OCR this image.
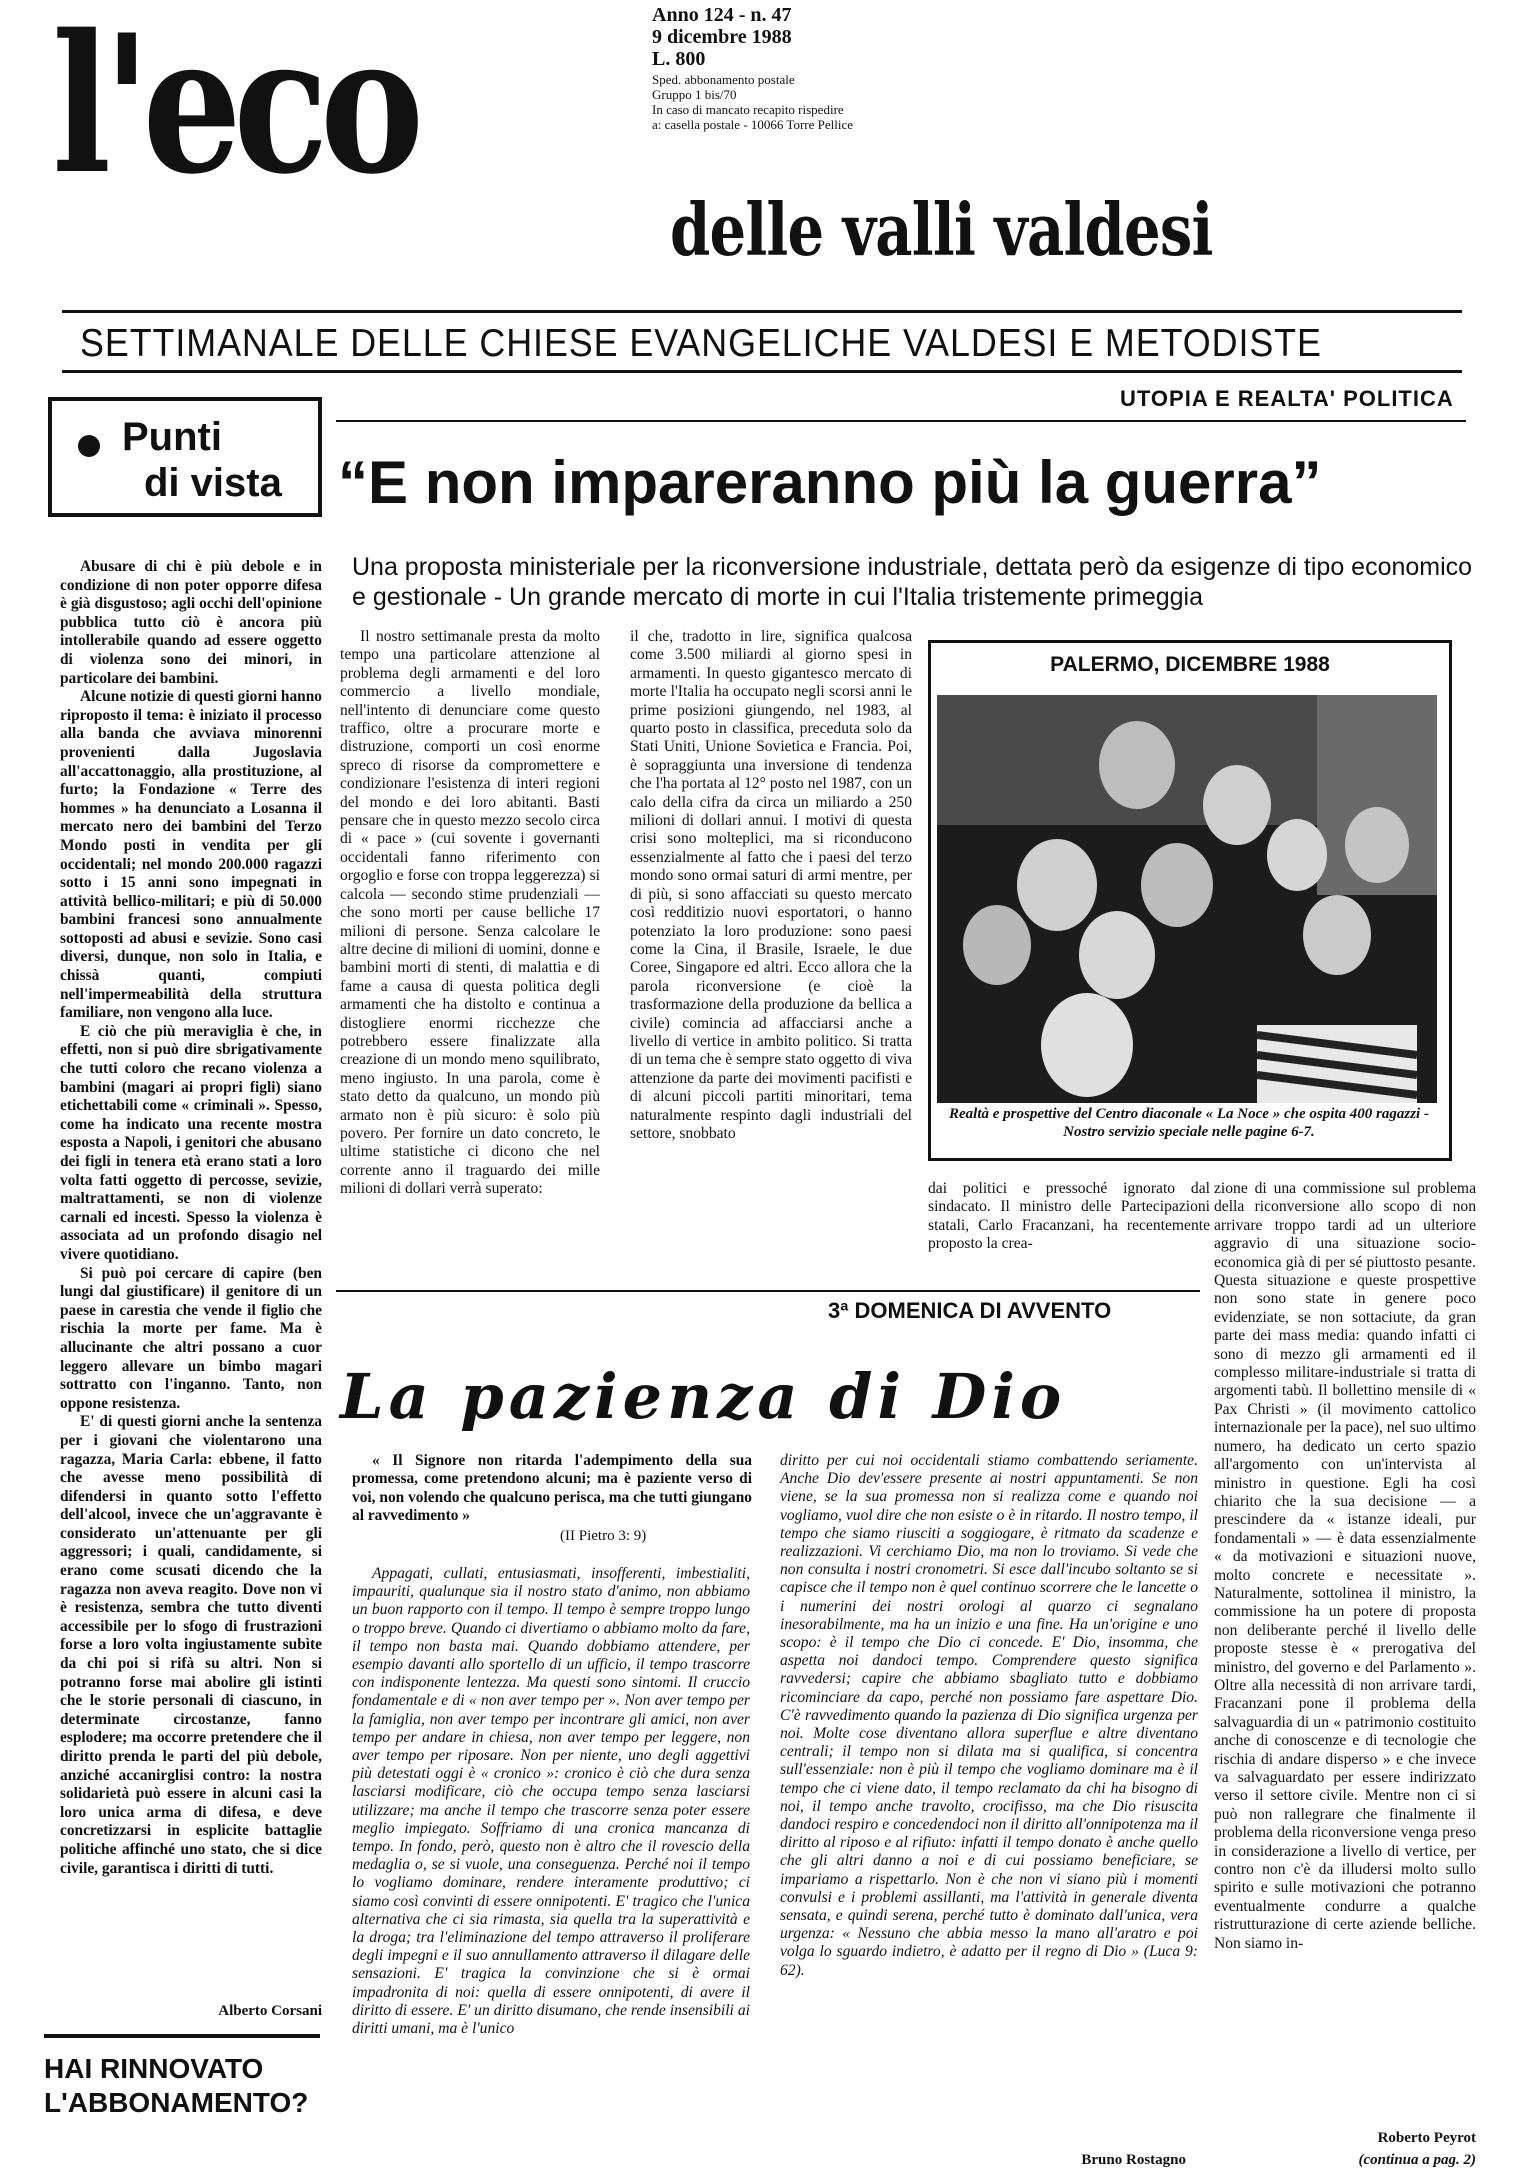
l'eco
delle valli valdesi
Anno 124 - n. 47
9 dicembre 1988
L. 800
Sped. abbonamento postale
Gruppo 1 bis/70
In caso di mancato recapito rispedire
a: casella postale - 10066 Torre Pellice
SETTIMANALE DELLE CHIESE EVANGELICHE VALDESI E METODISTE
Punti
di vista

Abusare di chi è più debole e in condizione di non poter opporre difesa è già disgustoso; agli occhi dell'opinione pubblica tutto ciò è ancora più intollerabile quando ad essere oggetto di violenza sono dei minori, in particolare dei bambini.

Alcune notizie di questi giorni hanno riproposto il tema: è iniziato il processo alla banda che avviava minorenni provenienti dalla Jugoslavia all'accattonaggio, alla prostituzione, al furto; la Fondazione « Terre des hommes » ha denunciato a Losanna il mercato nero dei bambini del Terzo Mondo posti in vendita per gli occidentali; nel mondo 200.000 ragazzi sotto i 15 anni sono impegnati in attività bellico-militari; e più di 50.000 bambini francesi sono annualmente sottoposti ad abusi e sevizie. Sono casi diversi, dunque, non solo in Italia, e chissà quanti, compiuti nell'impermeabilità della struttura familiare, non vengono alla luce.

E ciò che più meraviglia è che, in effetti, non si può dire sbrigativamente che tutti coloro che recano violenza a bambini (magari ai propri figli) siano etichettabili come « criminali ». Spesso, come ha indicato una recente mostra esposta a Napoli, i genitori che abusano dei figli in tenera età erano stati a loro volta fatti oggetto di percosse, sevizie, maltrattamenti, se non di violenze carnali ed incesti. Spesso la violenza è associata ad un profondo disagio nel vivere quotidiano.

Si può poi cercare di capire (ben lungi dal giustificare) il genitore di un paese in carestia che vende il figlio che rischia la morte per fame. Ma è allucinante che altri possano a cuor leggero allevare un bimbo magari sottratto con l'inganno. Tanto, non oppone resistenza.

E' di questi giorni anche la sentenza per i giovani che violentarono una ragazza, Maria Carla: ebbene, il fatto che avesse meno possibilità di difendersi in quanto sotto l'effetto dell'alcool, invece che un'aggravante è considerato un'attenuante per gli aggressori; i quali, candidamente, si erano come scusati dicendo che la ragazza non aveva reagito. Dove non vi è resistenza, sembra che tutto diventi accessibile per lo sfogo di frustrazioni forse a loro volta ingiustamente subìte da chi poi si rifà su altri. Non si potranno forse mai abolire gli istinti che le storie personali di ciascuno, in determinate circostanze, fanno esplodere; ma occorre pretendere che il diritto prenda le parti del più debole, anziché accanirglisi contro: la nostra solidarietà può essere in alcuni casi la loro unica arma di difesa, e deve concretizzarsi in esplicite battaglie politiche affinché uno stato, che si dice civile, garantisca i diritti di tutti.

Alberto Corsani
HAI RINNOVATO
L'ABBONAMENTO?
UTOPIA E REALTA' POLITICA
“E non impareranno più la guerra”
Una proposta ministeriale per la riconversione industriale, dettata però da esigenze di tipo economico e gestionale - Un grande mercato di morte in cui l'Italia tristemente primeggia

Il nostro settimanale presta da molto tempo una particolare attenzione al problema degli armamenti e del loro commercio a livello mondiale, nell'intento di denunciare come questo traffico, oltre a procurare morte e distruzione, comporti un così enorme spreco di risorse da compromettere e condizionare l'esistenza di interi regioni del mondo e dei loro abitanti. Basti pensare che in questo mezzo secolo circa di « pace » (cui sovente i governanti occidentali fanno riferimento con orgoglio e forse con troppa leggerezza) si calcola — secondo stime prudenziali — che sono morti per cause belliche 17 milioni di persone. Senza calcolare le altre decine di milioni di uomini, donne e bambini morti di stenti, di malattia e di fame a causa di questa politica degli armamenti che ha distolto e continua a distogliere enormi ricchezze che potrebbero essere finalizzate alla creazione di un mondo meno squilibrato, meno ingiusto. In una parola, come è stato detto da qualcuno, un mondo più armato non è più sicuro: è solo più povero. Per fornire un dato concreto, le ultime statistiche ci dicono che nel corrente anno il traguardo dei mille milioni di dollari verrà superato:

il che, tradotto in lire, significa qualcosa come 3.500 miliardi al giorno spesi in armamenti. In questo gigantesco mercato di morte l'Italia ha occupato negli scorsi anni le prime posizioni giungendo, nel 1983, al quarto posto in classifica, preceduta solo da Stati Uniti, Unione Sovietica e Francia. Poi, è sopraggiunta una inversione di tendenza che l'ha portata al 12° posto nel 1987, con un calo della cifra da circa un miliardo a 250 milioni di dollari annui. I motivi di questa crisi sono molteplici, ma si riconducono essenzialmente al fatto che i paesi del terzo mondo sono ormai saturi di armi mentre, per di più, si sono affacciati su questo mercato così redditizio nuovi esportatori, o hanno potenziato la loro produzione: sono paesi come la Cina, il Brasile, Israele, le due Coree, Singapore ed altri. Ecco allora che la parola riconversione (e cioè la trasformazione della produzione da bellica a civile) comincia ad affacciarsi anche a livello di vertice in ambito politico. Si tratta di un tema che è sempre stato oggetto di viva attenzione da parte dei movimenti pacifisti e di alcuni piccoli partiti minoritari, tema naturalmente respinto dagli industriali del settore, snobbato

PALERMO, DICEMBRE 1988
Realtà e prospettive del Centro diaconale « La Noce » che ospita 400 ragazzi - Nostro servizio speciale nelle pagine 6-7.

dai politici e pressoché ignorato dal sindacato. Il ministro delle Partecipazioni statali, Carlo Fracanzani, ha recentemente proposto la crea-

zione di una commissione sul problema della riconversione allo scopo di non arrivare troppo tardi ad un ulteriore aggravio di una situazione socio-economica già di per sé piuttosto pesante. Questa situazione e queste prospettive non sono state in genere poco evidenziate, se non sottaciute, da gran parte dei mass media: quando infatti ci sono di mezzo gli armamenti ed il complesso militare-industriale si tratta di argomenti tabù. Il bollettino mensile di « Pax Christi » (il movimento cattolico internazionale per la pace), nel suo ultimo numero, ha dedicato un certo spazio all'argomento con un'intervista al ministro in questione. Egli ha così chiarito che la sua decisione — a prescindere da « istanze ideali, pur fondamentali » — è data essenzialmente « da motivazioni e situazioni nuove, molto concrete e necessitate ». Naturalmente, sottolinea il ministro, la commissione ha un potere di proposta non deliberante perché il livello delle proposte stesse è « prerogativa del ministro, del governo e del Parlamento ». Oltre alla necessità di non arrivare tardi, Fracanzani pone il problema della salvaguardia di un « patrimonio costituito anche di conoscenze e di tecnologie che rischia di andare disperso » e che invece va salvaguardato per essere indirizzato verso il settore civile. Mentre non ci si può non rallegrare che finalmente il problema della riconversione venga preso in considerazione a livello di vertice, per contro non c'è da illudersi molto sullo spirito e sulle motivazioni che potranno eventualmente condurre a qualche ristrutturazione di certe aziende belliche. Non siamo in-

Roberto Peyrot
(continua a pag. 2)
3ª DOMENICA DI AVVENTO
La pazienza di Dio

« Il Signore non ritarda l'adempimento della sua promessa, come pretendono alcuni; ma è paziente verso di voi, non volendo che qualcuno perisca, ma che tutti giungano al ravvedimento »

(II Pietro 3: 9)

Appagati, cullati, entusiasmati, insofferenti, imbestialiti, impauriti, qualunque sia il nostro stato d'animo, non abbiamo un buon rapporto con il tempo. Il tempo è sempre troppo lungo o troppo breve. Quando ci divertiamo o abbiamo molto da fare, il tempo non basta mai. Quando dobbiamo attendere, per esempio davanti allo sportello di un ufficio, il tempo trascorre con indisponente lentezza. Ma questi sono sintomi. Il cruccio fondamentale e di « non aver tempo per ». Non aver tempo per la famiglia, non aver tempo per incontrare gli amici, non aver tempo per andare in chiesa, non aver tempo per leggere, non aver tempo per riposare. Non per niente, uno degli aggettivi più detestati oggi è « cronico »: cronico è ciò che dura senza lasciarsi modificare, ciò che occupa tempo senza lasciarsi utilizzare; ma anche il tempo che trascorre senza poter essere meglio impiegato. Soffriamo di una cronica mancanza di tempo. In fondo, però, questo non è altro che il rovescio della medaglia o, se si vuole, una conseguenza. Perché noi il tempo lo vogliamo dominare, rendere interamente produttivo; ci siamo così convinti di essere onnipotenti. E' tragico che l'unica alternativa che ci sia rimasta, sia quella tra la superattività e la droga; tra l'eliminazione del tempo attraverso il proliferare degli impegni e il suo annullamento attraverso il dilagare delle sensazioni. E' tragica la convinzione che si è ormai impadronita di noi: quella di essere onnipotenti, di avere il diritto di essere. E' un diritto disumano, che rende insensibili ai diritti umani, ma è l'unico

diritto per cui noi occidentali stiamo combattendo seriamente. Anche Dio dev'essere presente ai nostri appuntamenti. Se non viene, se la sua promessa non si realizza come e quando noi vogliamo, vuol dire che non esiste o è in ritardo. Il nostro tempo, il tempo che siamo riusciti a soggiogare, è ritmato da scadenze e realizzazioni. Vi cerchiamo Dio, ma non lo troviamo. Si vede che non consulta i nostri cronometri. Si esce dall'incubo soltanto se si capisce che il tempo non è quel continuo scorrere che le lancette o i numerini dei nostri orologi al quarzo ci segnalano inesorabilmente, ma ha un inizio e una fine. Ha un'origine e uno scopo: è il tempo che Dio ci concede. E' Dio, insomma, che aspetta noi dandoci tempo. Comprendere questo significa ravvedersi; capire che abbiamo sbagliato tutto e dobbiamo ricominciare da capo, perché non possiamo fare aspettare Dio. C'è ravvedimento quando la pazienza di Dio significa urgenza per noi. Molte cose diventano allora superflue e altre diventano centrali; il tempo non si dilata ma si qualifica, si concentra sull'essenziale: non è più il tempo che vogliamo dominare ma è il tempo che ci viene dato, il tempo reclamato da chi ha bisogno di noi, il tempo anche travolto, crocifisso, ma che Dio risuscita dandoci respiro e concedendoci non il diritto all'onnipotenza ma il diritto al riposo e al rifiuto: infatti il tempo donato è anche quello che gli altri danno a noi e di cui possiamo beneficiare, se impariamo a rispettarlo. Non è che non vi siano più i momenti convulsi e i problemi assillanti, ma l'attività in generale diventa sensata, e quindi serena, perché tutto è dominato dall'unica, vera urgenza: « Nessuno che abbia messo la mano all'aratro e poi volga lo sguardo indietro, è adatto per il regno di Dio » (Luca 9: 62).

Bruno Rostagno
